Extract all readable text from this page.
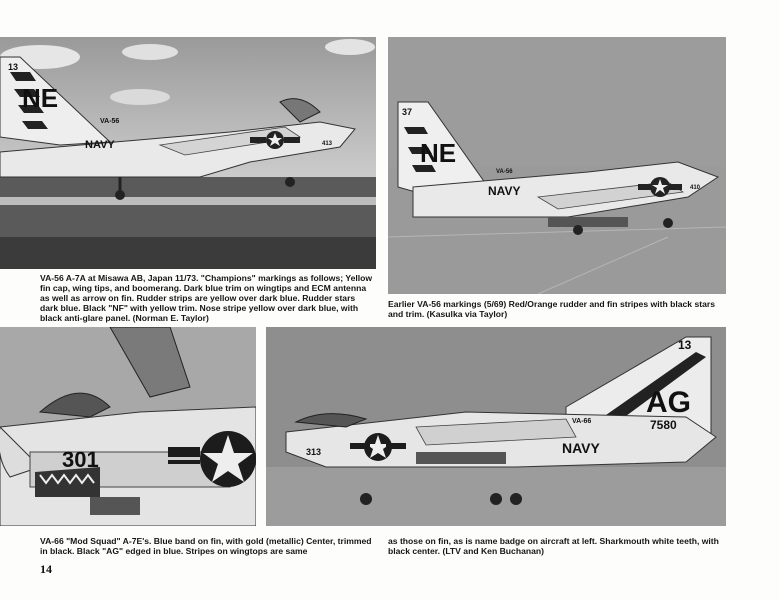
13
NE
VA-56
NAVY	413
37
NE
VA-56
NAVY	410
VA-56 A-7A at Misawa AB, Japan 11/73. "Champions" markings as follows; Yellow fin cap, wing tips, and boomerang. Dark blue trim on wingtips and ECM antenna as well as arrow on fin. Rudder strips are yellow over dark blue. Rudder stars dark blue. Black "NF" with yellow trim. Nose stripe yellow over dark blue, with black anti-glare panel. (Norman E. Taylor)
Earlier VA-56 markings (5/69) Red/Orange rudder and fin stripes with black stars and trim. (Kasulka via Taylor)
301
13
AG
VA-66	7580
NAVY
313
VA-66 "Mod Squad" A-7E's. Blue band on fin, with gold (metallic) Center, trimmed in black. Black "AG" edged in blue. Stripes on wingtops are same
as those on fin, as is name badge on aircraft at left. Sharkmouth white teeth, with black center. (LTV and Ken Buchanan)
14
